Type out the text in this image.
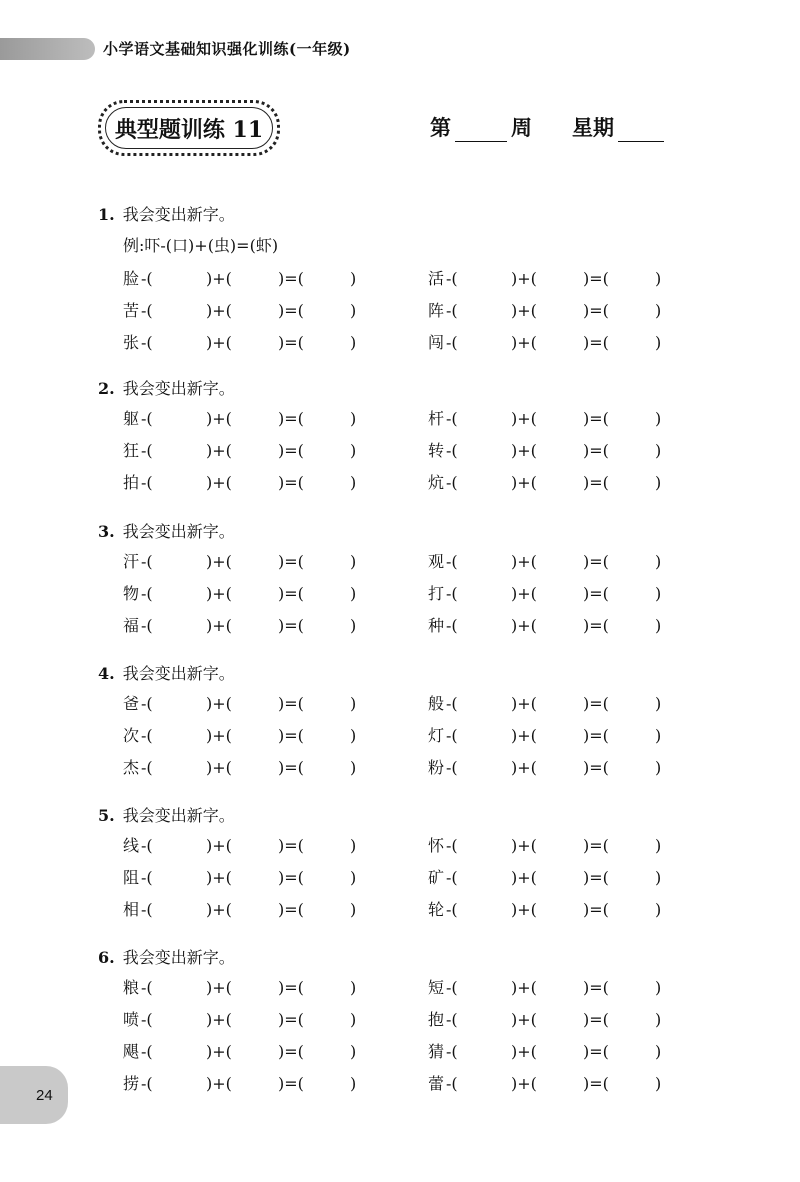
小学语文基础知识强化训练(一年级)
典型题训练 11	第	周 星期
1. 我会变出新字。
例:吓-(口)+(虫)=(虾)
脸 -(	)+(	)=(	)	活 -(	)+(	)=(	)
苦 -(	)+(	)=(	)	阵 -(	)+(	)=(	)
张 -(	)+(	)=(	)	闯 -(	)+(	)=(	)
2. 我会变出新字。
躯 -(	)+(	)=(	)	杆 -(	)+(	)=(	)
狂 -(	)+(	)=(	)	转 -(	)+(	)=(	)
拍 -(	)+(	)=(	)	炕 -(	)+(	)=(	)
3. 我会变出新字。
汗 -(	)+(	)=(	)	观 -(	)+(	)=(	)
物 -(	)+(	)=(	)	打 -(	)+(	)=(	)
福 -(	)+(	)=(	)	种 -(	)+(	)=(	)
4. 我会变出新字。
爸 -(	)+(	)=(	)	般 -(	)+(	)=(	)
次 -(	)+(	)=(	)	灯 -(	)+(	)=(	)
杰 -(	)+(	)=(	)	粉 -(	)+(	)=(	)
5. 我会变出新字。
线 -(	)+(	)=(	)	怀 -(	)+(	)=(	)
阻 -(	)+(	)=(	)	矿 -(	)+(	)=(	)
相 -(	)+(	)=(	)	轮 -(	)+(	)=(	)
6. 我会变出新字。
粮 -(	)+(	)=(	)	短 -(	)+(	)=(	)
喷 -(	)+(	)=(	)	抱 -(	)+(	)=(	)
飓 -(	)+(	)=(	)	猜 -(	)+(	)=(	)
捞 -(	)+(	)=(	)	蕾 -(	)+(	)=(	)
24
